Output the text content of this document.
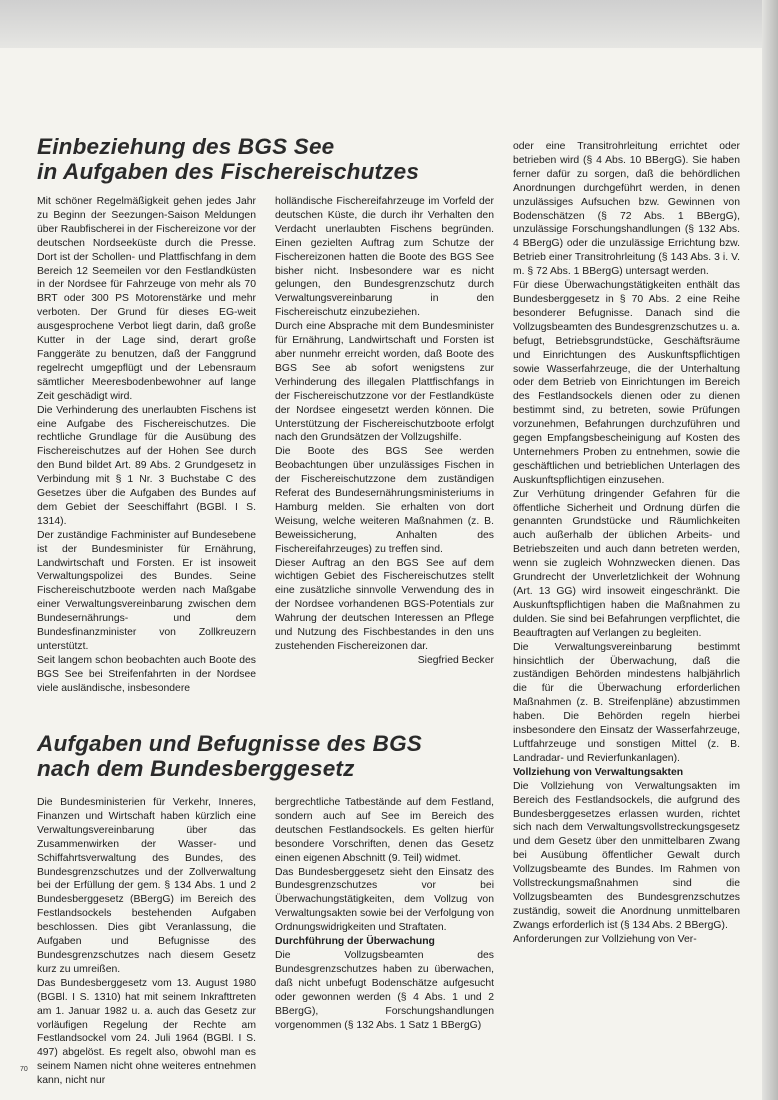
Einbeziehung des BGS See
in Aufgaben des Fischereischutzes

Mit schöner Regelmäßigkeit gehen jedes Jahr zu Beginn der Seezungen-Saison Meldungen über Raubfischerei in der Fischereizone vor der deutschen Nordseeküste durch die Presse. Dort ist der Schollen- und Plattfischfang in dem Bereich 12 Seemeilen vor den Festlandküsten in der Nordsee für Fahrzeuge von mehr als 70 BRT oder 300 PS Motorenstärke und mehr verboten. Der Grund für dieses EG-weit ausgesprochene Verbot liegt darin, daß große Kutter in der Lage sind, derart große Fanggeräte zu benutzen, daß der Fanggrund regelrecht umgepflügt und der Lebensraum sämtlicher Meeresbodenbewohner auf lange Zeit geschädigt wird.

Die Verhinderung des unerlaubten Fischens ist eine Aufgabe des Fischereischutzes. Die rechtliche Grundlage für die Ausübung des Fischereischutzes auf der Hohen See durch den Bund bildet Art. 89 Abs. 2 Grundgesetz in Verbindung mit § 1 Nr. 3 Buchstabe C des Gesetzes über die Aufgaben des Bundes auf dem Gebiet der Seeschiffahrt (BGBl. I S. 1314).

Der zuständige Fachminister auf Bundesebene ist der Bundesminister für Ernährung, Landwirtschaft und Forsten. Er ist insoweit Verwaltungspolizei des Bundes. Seine Fischereischutzboote werden nach Maßgabe einer Verwaltungsvereinbarung zwischen dem Bundesernährungs- und dem Bundesfinanzminister von Zollkreuzern unterstützt.

Seit langem schon beobachten auch Boote des BGS See bei Streifenfahrten in der Nordsee viele ausländische, insbesondere

holländische Fischereifahrzeuge im Vorfeld der deutschen Küste, die durch ihr Verhalten den Verdacht unerlaubten Fischens begründen. Einen gezielten Auftrag zum Schutze der Fischereizonen hatten die Boote des BGS See bisher nicht. Insbesondere war es nicht gelungen, den Bundesgrenzschutz durch Verwaltungsvereinbarung in den Fischereischutz einzubeziehen.

Durch eine Absprache mit dem Bundesminister für Ernährung, Landwirtschaft und Forsten ist aber nunmehr erreicht worden, daß Boote des BGS See ab sofort wenigstens zur Verhinderung des illegalen Plattfischfangs in der Fischereischutzzone vor der Festlandküste der Nordsee eingesetzt werden können. Die Unterstützung der Fischereischutzboote erfolgt nach den Grundsätzen der Vollzugshilfe.

Die Boote des BGS See werden Beobachtungen über unzulässiges Fischen in der Fischereischutzzone dem zuständigen Referat des Bundesernährungsministeriums in Hamburg melden. Sie erhalten von dort Weisung, welche weiteren Maßnahmen (z. B. Beweissicherung, Anhalten des Fischereifahrzeuges) zu treffen sind.

Dieser Auftrag an den BGS See auf dem wichtigen Gebiet des Fischereischutzes stellt eine zusätzliche sinnvolle Verwendung des in der Nordsee vorhandenen BGS-Potentials zur Wahrung der deutschen Interessen an Pflege und Nutzung des Fischbestandes in den uns zustehenden Fischereizonen dar.

Siegfried Becker

Aufgaben und Befugnisse des BGS
nach dem Bundesberggesetz

Die Bundesministerien für Verkehr, Inneres, Finanzen und Wirtschaft haben kürzlich eine Verwaltungsvereinbarung über das Zusammenwirken der Wasser- und Schiffahrtsverwaltung des Bundes, des Bundesgrenzschutzes und der Zollverwaltung bei der Erfüllung der gem. § 134 Abs. 1 und 2 Bundesberggesetz (BBergG) im Bereich des Festlandsockels bestehenden Aufgaben beschlossen. Dies gibt Veranlassung, die Aufgaben und Befugnisse des Bundesgrenzschutzes nach diesem Gesetz kurz zu umreißen.

Das Bundesberggesetz vom 13. August 1980 (BGBl. I S. 1310) hat mit seinem Inkrafttreten am 1. Januar 1982 u. a. auch das Gesetz zur vorläufigen Regelung der Rechte am Festlandsockel vom 24. Juli 1964 (BGBl. I S. 497) abgelöst. Es regelt also, obwohl man es seinem Namen nicht ohne weiteres entnehmen kann, nicht nur

bergrechtliche Tatbestände auf dem Festland, sondern auch auf See im Bereich des deutschen Festlandsockels. Es gelten hierfür besondere Vorschriften, denen das Gesetz einen eigenen Abschnitt (9. Teil) widmet.

Das Bundesberggesetz sieht den Einsatz des Bundesgrenzschutzes vor bei Überwachungstätigkeiten, dem Vollzug von Verwaltungsakten sowie bei der Verfolgung von Ordnungswidrigkeiten und Straftaten.

Durchführung der Überwachung

Die Vollzugsbeamten des Bundesgrenzschutzes haben zu überwachen, daß nicht unbefugt Bodenschätze aufgesucht oder gewonnen werden (§ 4 Abs. 1 und 2 BBergG), Forschungshandlungen vorgenommen (§ 132 Abs. 1 Satz 1 BBergG)

oder eine Transitrohrleitung errichtet oder betrieben wird (§ 4 Abs. 10 BBergG). Sie haben ferner dafür zu sorgen, daß die behördlichen Anordnungen durchgeführt werden, in denen unzulässiges Aufsuchen bzw. Gewinnen von Bodenschätzen (§ 72 Abs. 1 BBergG), unzulässige Forschungshandlungen (§ 132 Abs. 4 BBergG) oder die unzulässige Errichtung bzw. Betrieb einer Transitrohrleitung (§ 143 Abs. 3 i. V. m. § 72 Abs. 1 BBergG) untersagt werden.

Für diese Überwachungstätigkeiten enthält das Bundesberggesetz in § 70 Abs. 2 eine Reihe besonderer Befugnisse. Danach sind die Vollzugsbeamten des Bundesgrenzschutzes u. a. befugt, Betriebsgrundstücke, Geschäftsräume und Einrichtungen des Auskunftspflichtigen sowie Wasserfahrzeuge, die der Unterhaltung oder dem Betrieb von Einrichtungen im Bereich des Festlandsockels dienen oder zu dienen bestimmt sind, zu betreten, sowie Prüfungen vorzunehmen, Befahrungen durchzuführen und gegen Empfangsbescheinigung auf Kosten des Unternehmers Proben zu entnehmen, sowie die geschäftlichen und betrieblichen Unterlagen des Auskunftspflichtigen einzusehen.

Zur Verhütung dringender Gefahren für die öffentliche Sicherheit und Ordnung dürfen die genannten Grundstücke und Räumlichkeiten auch außerhalb der üblichen Arbeits- und Betriebszeiten und auch dann betreten werden, wenn sie zugleich Wohnzwecken dienen. Das Grundrecht der Unverletzlichkeit der Wohnung (Art. 13 GG) wird insoweit eingeschränkt. Die Auskunftspflichtigen haben die Maßnahmen zu dulden. Sie sind bei Befahrungen verpflichtet, die Beauftragten auf Verlangen zu begleiten.

Die Verwaltungsvereinbarung bestimmt hinsichtlich der Überwachung, daß die zuständigen Behörden mindestens halbjährlich die für die Überwachung erforderlichen Maßnahmen (z. B. Streifenpläne) abzustimmen haben. Die Behörden regeln hierbei insbesondere den Einsatz der Wasserfahrzeuge, Luftfahrzeuge und sonstigen Mittel (z. B. Landradar- und Revierfunkanlagen).

Vollziehung von Verwaltungsakten

Die Vollziehung von Verwaltungsakten im Bereich des Festlandsockels, die aufgrund des Bundesberggesetzes erlassen wurden, richtet sich nach dem Verwaltungsvollstreckungsgesetz und dem Gesetz über den unmittelbaren Zwang bei Ausübung öffentlicher Gewalt durch Vollzugsbeamte des Bundes. Im Rahmen von Vollstreckungsmaßnahmen sind die Vollzugsbeamten des Bundesgrenzschutzes zuständig, soweit die Anordnung unmittelbaren Zwangs erforderlich ist (§ 134 Abs. 2 BBergG).

Anforderungen zur Vollziehung von Ver-

70
